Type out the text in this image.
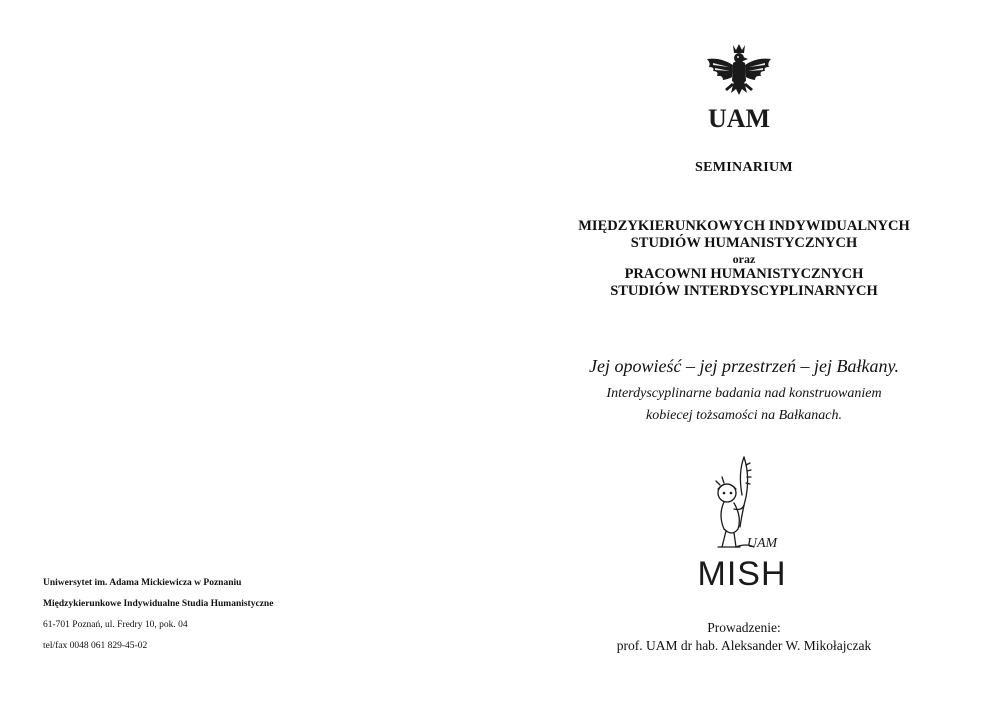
Uniwersytet im. Adama Mickiewicza w Poznaniu
Międzykierunkowe Indywidualne Studia Humanistyczne
61-701 Poznań, ul. Fredry 10, pok. 04
tel/fax 0048 061 829-45-02
UAM
SEMINARIUM
MIĘDZYKIERUNKOWYCH INDYWIDUALNYCH
STUDIÓW HUMANISTYCZNYCH
oraz
PRACOWNI HUMANISTYCZNYCH
STUDIÓW INTERDYSCYPLINARNYCH
Jej opowieść – jej przestrzeń – jej Bałkany.
Interdyscyplinarne badania nad konstruowaniem
kobiecej tożsamości na Bałkanach.
UAM
MISH
Prowadzenie:
prof. UAM dr hab. Aleksander W. Mikołajczak
